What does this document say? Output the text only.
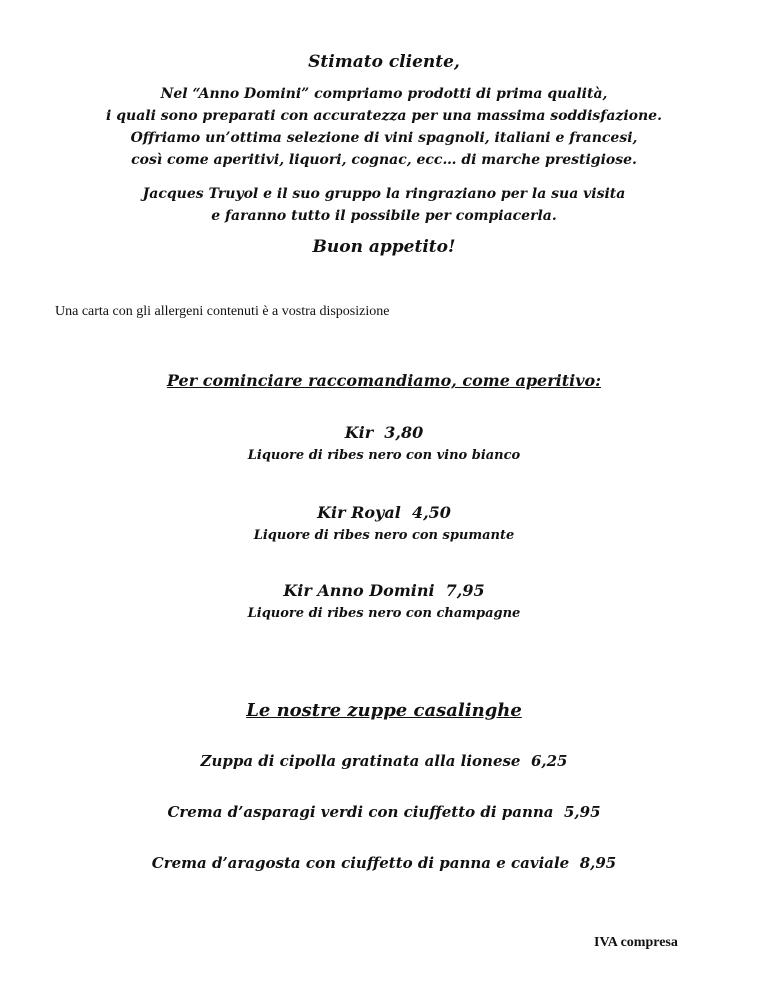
Stimato cliente,
Nel “Anno Domini” compriamo prodotti di prima qualità,
i quali sono preparati con accuratezza per una massima soddisfazione.
Offriamo un’ottima selezione di vini spagnoli, italiani e francesi,
così come aperitivi, liquori, cognac, ecc… di marche prestigiose.
Jacques Truyol e il suo gruppo la ringraziano per la sua visita
e faranno tutto il possibile per compiacerla.
Buon appetito!
Una carta con gli allergeni contenuti è a vostra disposizione
Per cominciare raccomandiamo, come aperitivo:
Kir 3,80
Liquore di ribes nero con vino bianco
Kir Royal 4,50
Liquore di ribes nero con spumante
Kir Anno Domini 7,95
Liquore di ribes nero con champagne
Le nostre zuppe casalinghe
Zuppa di cipolla gratinata alla lionese 6,25
Crema d’asparagi verdi con ciuffetto di panna 5,95
Crema d’aragosta con ciuffetto di panna e caviale 8,95
IVA compresa
